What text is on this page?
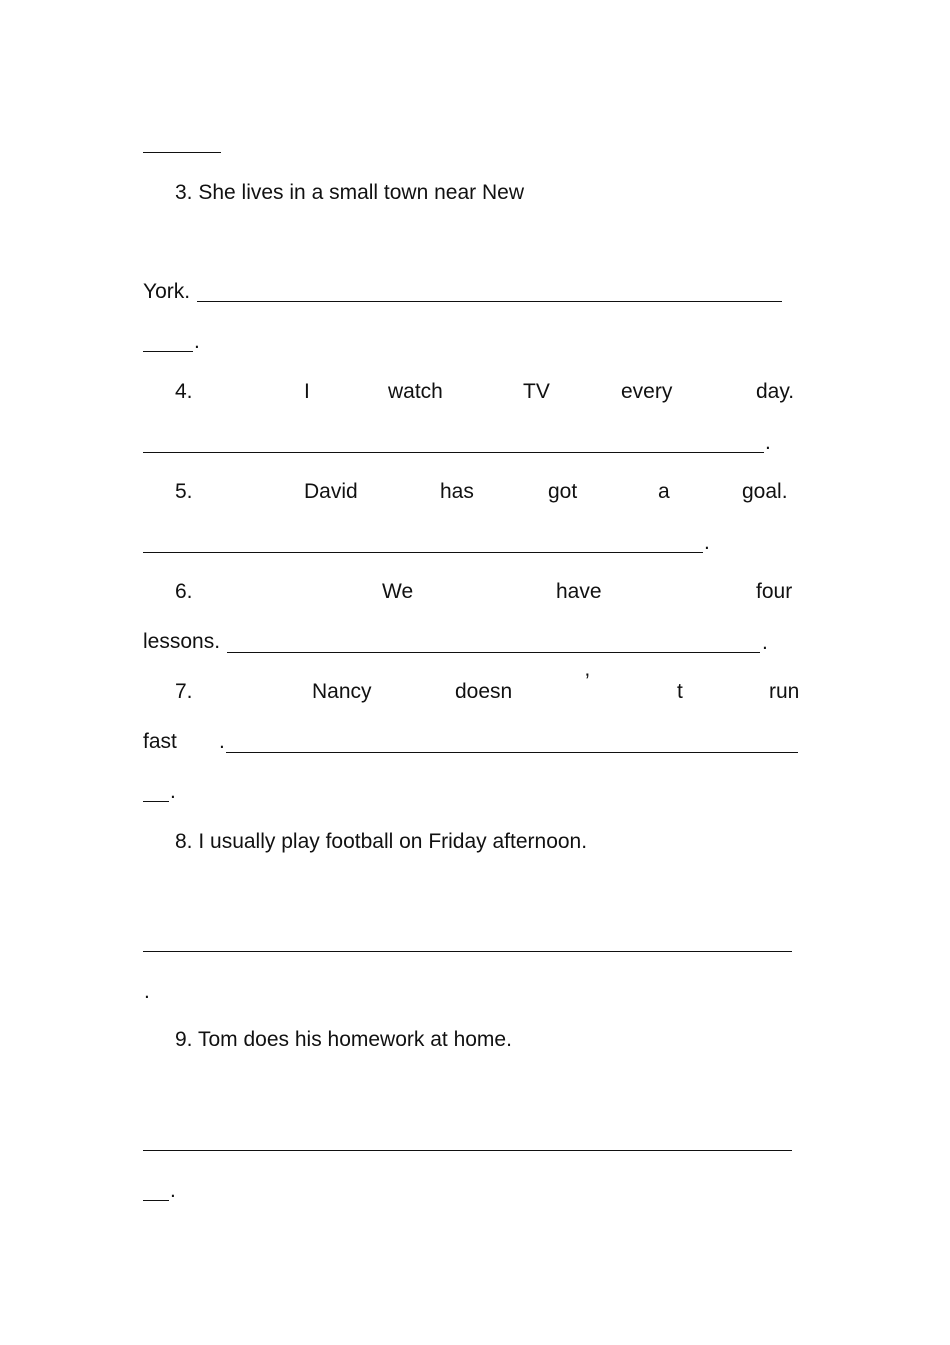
3. She lives in a small town near New
York.
.
4.	I	watch	TV	every	day.
.
5.	David	has	got	a	goal.
.
6.	We	have	four
lessons.	.
7.	Nancy	doesn	’	t	run
fast .
.
8. I usually play football on Friday afternoon.
.
9. Tom does his homework at home.
.
